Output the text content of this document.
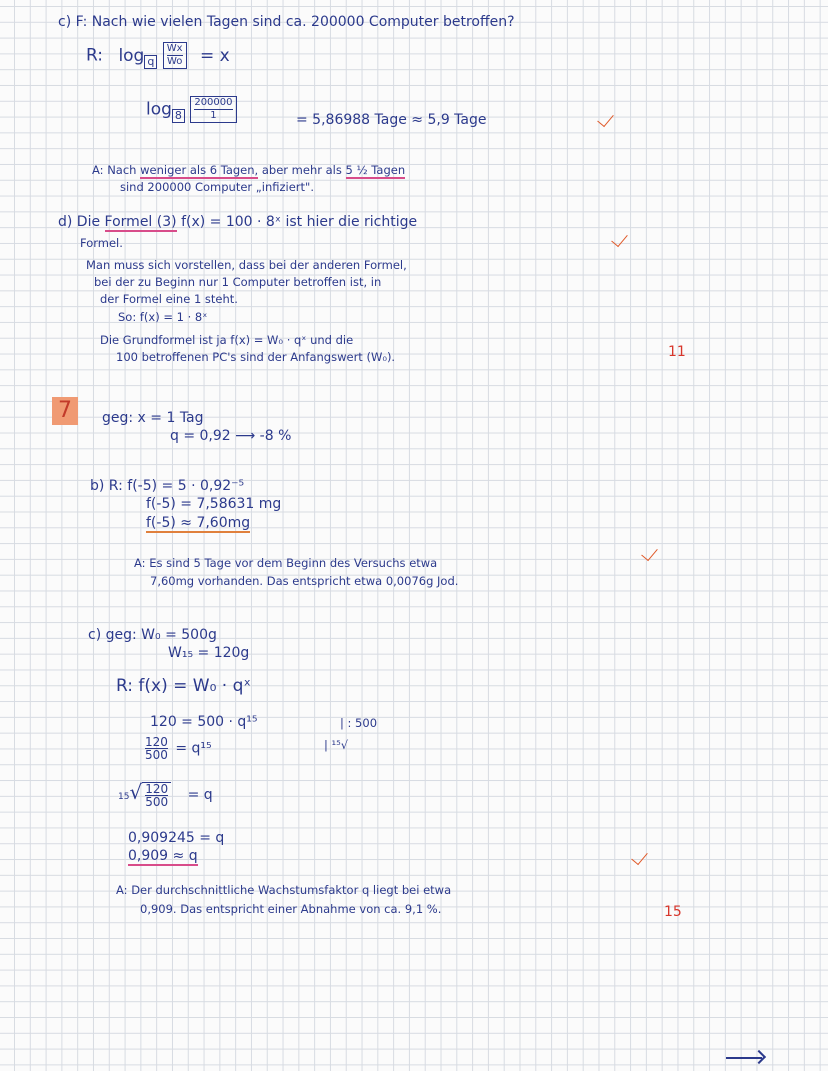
c) F: Nach wie vielen Tagen sind ca. 200000 Computer betroffen?
R: log q $\frac{Wx}{Wo} = x$
$\log 8 \frac{200000}{1}$	= 5,86988 Tage ≈ 5,9 Tage
A: Nach weniger als 6 Tagen, aber mehr als 5 ½ Tagen
sind 200000 Computer „infiziert".
d) Die Formel (3) f(x) = 100 · 8ˣ ist hier die richtige
Formel.
Man muss sich vorstellen, dass bei der anderen Formel,
bei der zu Beginn nur 1 Computer betroffen ist, in
der Formel eine 1 steht.
So: f(x) = 1 · 8ˣ
Die Grundformel ist ja f(x) = W₀ · qˣ und die
100 betroffenen PC's sind der Anfangswert (W₀).	11
7	geg: x = 1 Tag
q = 0,92 ⟶ -8 %
b) R: f(-5) = 5 · 0,92⁻⁵
f(-5) = 7,58631 mg
f(-5) ≈ 7,60mg
A: Es sind 5 Tage vor dem Beginn des Versuchs etwa
7,60mg vorhanden. Das entspricht etwa 0,0076g Jod.
c) geg: W₀ = 500g
W₁₅ = 120g
R: f(x) = W₀ · qˣ
120 = 500 · q¹⁵	| : 500
| ¹⁵√
$\frac{120}{500} = q^{15}$
$15√ \frac{120}{500} = q$
0,909245 = q
0,909 ≈ q
A: Der durchschnittliche Wachstumsfaktor q liegt bei etwa
0,909. Das entspricht einer Abnahme von ca. 9,1 %.	15
